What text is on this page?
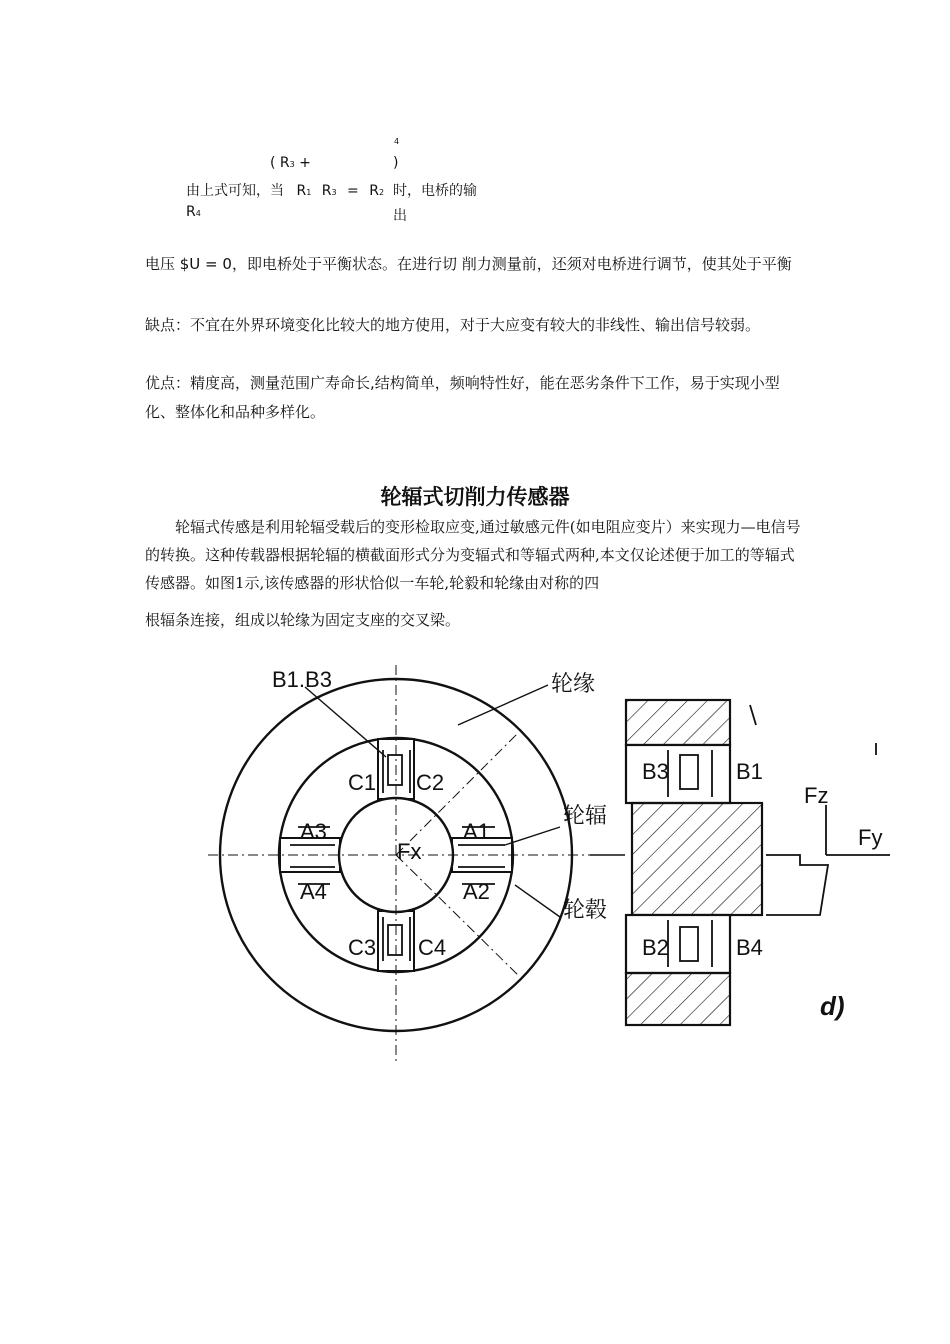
4
( R3 +	)
由上式可知，当 R1 R3 = R2 时，电桥的输
R4	出
电压 $U = 0，即电桥处于平衡状态。在进行切 削力测量前，还须对电桥进行调节，使其处于平衡
缺点：不宜在外界环境变化比较大的地方使用，对于大应变有较大的非线性、输出信号较弱。
优点：精度高，测量范围广寿命长,结构简单，频响特性好，能在恶劣条件下工作，易于实现小型化、整体化和品种多样化。
轮辐式切削力传感器
轮辐式传感是利用轮辐受载后的变形检取应变,通过敏感元件(如电阻应变片）来实现力—电信号的转换。这种传载器根据轮辐的横截面形式分为变辐式和等辐式两种,本文仅论述便于加工的等辐式传感器。如图1示,该传感器的形状恰似一车轮,轮毅和轮缘由对称的四
根辐条连接，组成以轮缘为固定支座的交叉梁。
B1.B3	轮缘
C1 C2
C3 C4
A3	A1
A4	A2
Fx
轮辐
轮毂
B3	B1
B2	B4
Fz
Fy
d)
